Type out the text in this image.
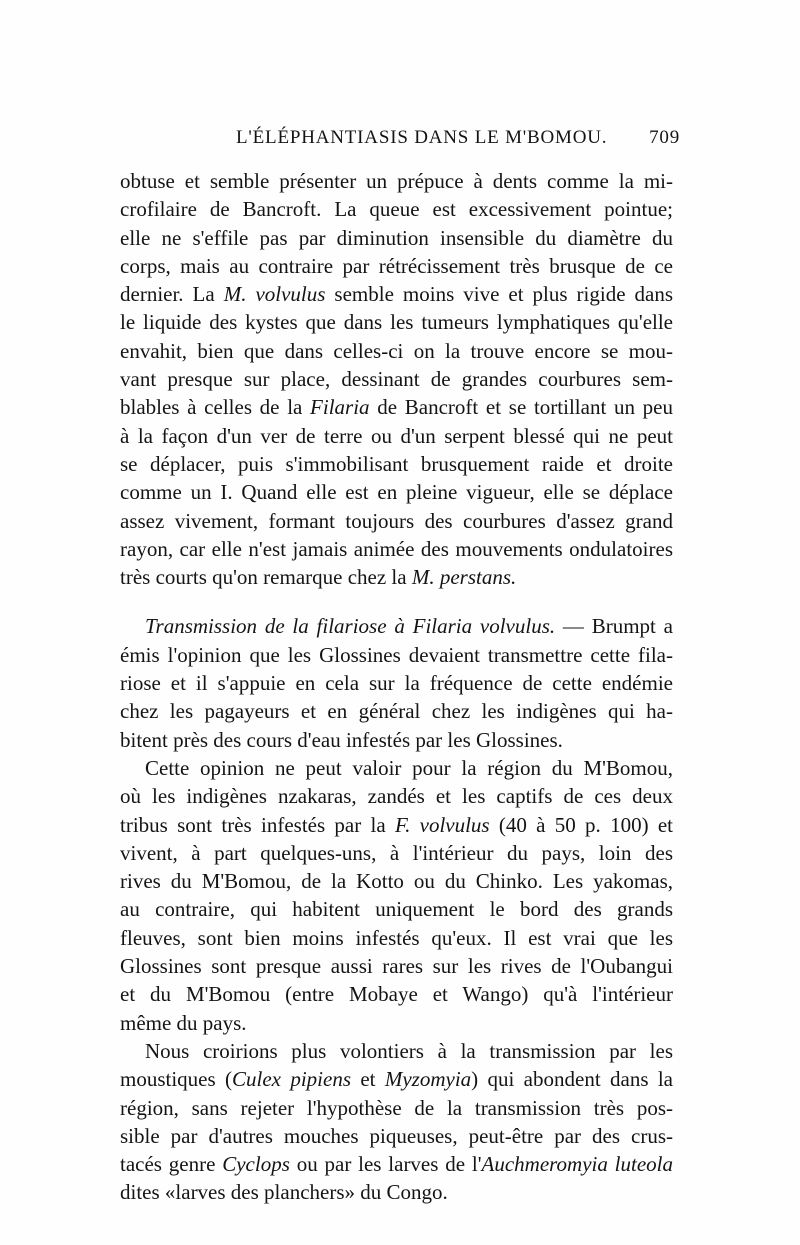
L'ÉLÉPHANTIASIS DANS LE M'BOMOU. 709
obtuse et semble présenter un prépuce à dents comme la mi-
crofilaire de Bancroft. La queue est excessivement pointue;
elle ne s'effile pas par diminution insensible du diamètre du
corps, mais au contraire par rétrécissement très brusque de ce
dernier. La M. volvulus semble moins vive et plus rigide dans
le liquide des kystes que dans les tumeurs lymphatiques qu'elle
envahit, bien que dans celles-ci on la trouve encore se mou-
vant presque sur place, dessinant de grandes courbures sem-
blables à celles de la Filaria de Bancroft et se tortillant un peu
à la façon d'un ver de terre ou d'un serpent blessé qui ne peut
se déplacer, puis s'immobilisant brusquement raide et droite
comme un I. Quand elle est en pleine vigueur, elle se déplace
assez vivement, formant toujours des courbures d'assez grand
rayon, car elle n'est jamais animée des mouvements ondulatoires
très courts qu'on remarque chez la M. perstans.
Transmission de la filariose à Filaria volvulus. — Brumpt a
émis l'opinion que les Glossines devaient transmettre cette fila-
riose et il s'appuie en cela sur la fréquence de cette endémie
chez les pagayeurs et en général chez les indigènes qui ha-
bitent près des cours d'eau infestés par les Glossines.
Cette opinion ne peut valoir pour la région du M'Bomou,
où les indigènes nzakaras, zandés et les captifs de ces deux
tribus sont très infestés par la F. volvulus (40 à 50 p. 100) et
vivent, à part quelques-uns, à l'intérieur du pays, loin des
rives du M'Bomou, de la Kotto ou du Chinko. Les yakomas,
au contraire, qui habitent uniquement le bord des grands
fleuves, sont bien moins infestés qu'eux. Il est vrai que les
Glossines sont presque aussi rares sur les rives de l'Oubangui
et du M'Bomou (entre Mobaye et Wango) qu'à l'intérieur
même du pays.
Nous croirions plus volontiers à la transmission par les
moustiques (Culex pipiens et Myzomyia) qui abondent dans la
région, sans rejeter l'hypothèse de la transmission très pos-
sible par d'autres mouches piqueuses, peut-être par des crus-
tacés genre Cyclops ou par les larves de l'Auchmeromyia luteola
dites «larves des planchers» du Congo.
